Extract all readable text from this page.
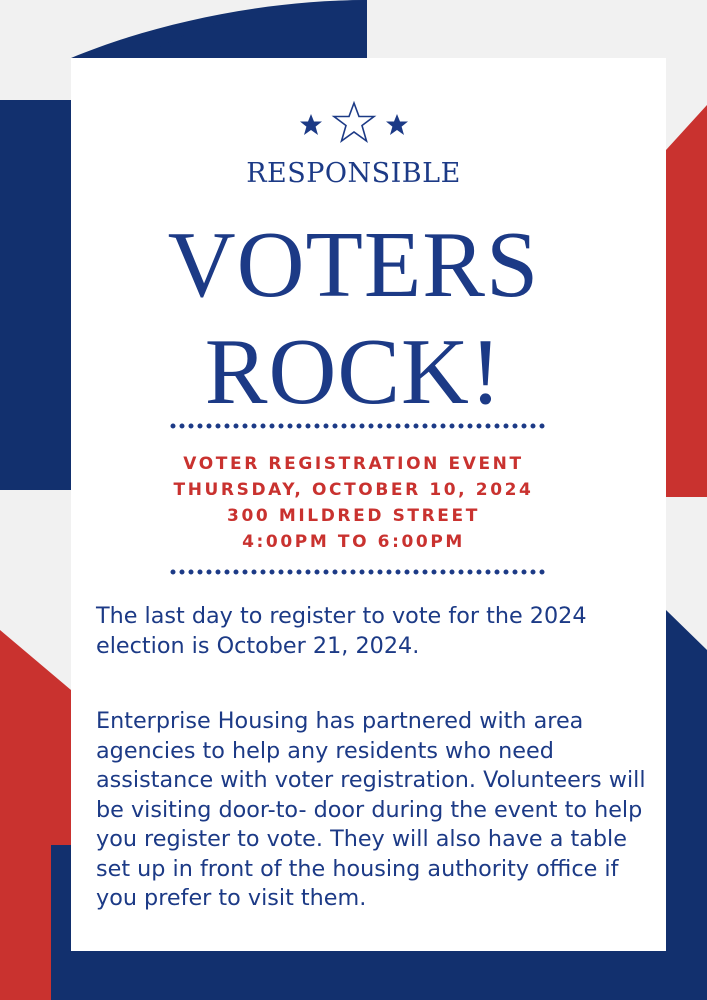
RESPONSIBLE
VOTERS
ROCK!
VOTER REGISTRATION EVENT
THURSDAY, OCTOBER 10, 2024
300 MILDRED STREET
4:00PM TO 6:00PM
The last day to register to vote for the 2024 election is October 21, 2024.
Enterprise Housing has partnered with area agencies to help any residents who need assistance with voter registration. Volunteers will be visiting door-to- door during the event to help you register to vote. They will also have a table set up in front of the housing authority office if you prefer to visit them.
